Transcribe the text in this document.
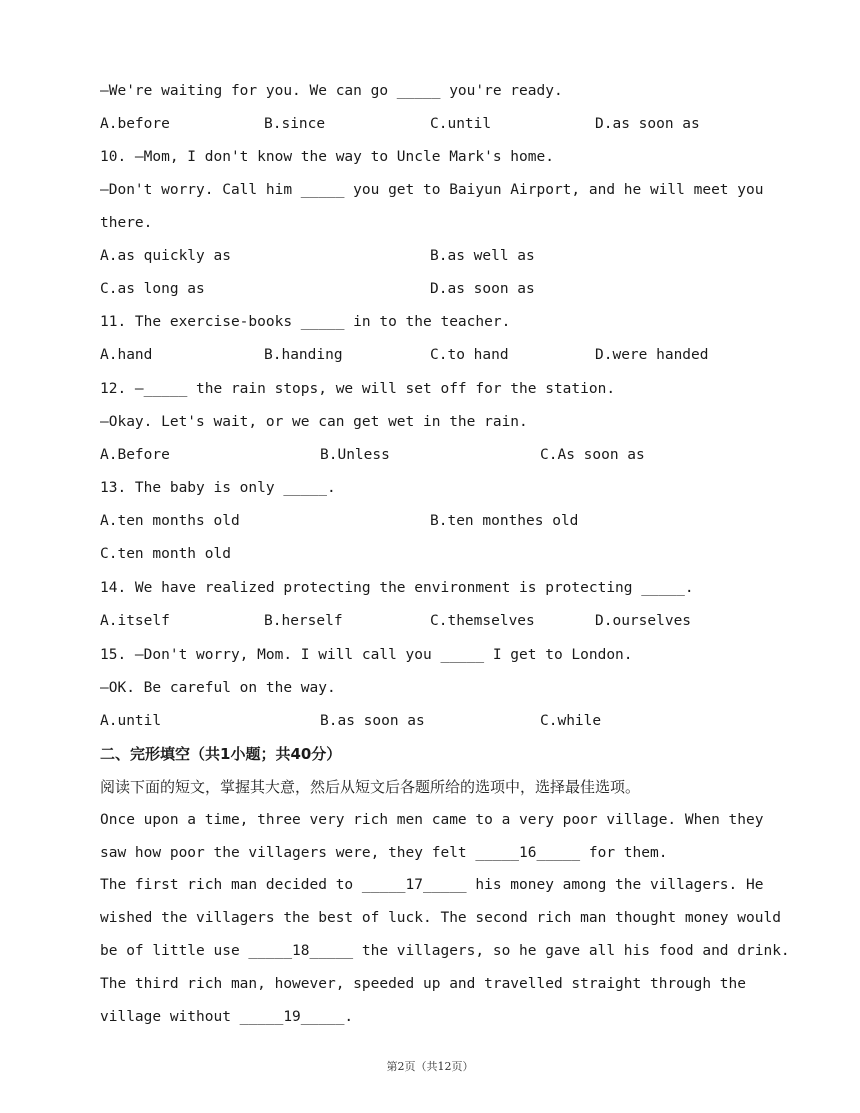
—We're waiting for you. We can go _____ you're ready.
A.before	B.since	C.until	D.as soon as
10. —Mom, I don't know the way to Uncle Mark's home.
—Don't worry. Call him _____ you get to Baiyun Airport, and he will meet you
there.
A.as quickly as	B.as well as
C.as long as	D.as soon as
11. The exercise-books _____ in to the teacher.
A.hand	B.handing	C.to hand	D.were handed
12. —_____ the rain stops, we will set off for the station.
—Okay. Let's wait, or we can get wet in the rain.
A.Before	B.Unless	C.As soon as
13. The baby is only _____.
A.ten months old	B.ten monthes old
C.ten month old
14. We have realized protecting the environment is protecting _____.
A.itself	B.herself	C.themselves	D.ourselves
15. —Don't worry, Mom. I will call you _____ I get to London.
—OK. Be careful on the way.
A.until	B.as soon as	C.while
二、完形填空（共1小题；共40分）
阅读下面的短文，掌握其大意，然后从短文后各题所给的选项中，选择最佳选项。
Once upon a time, three very rich men came to a very poor village. When they
saw how poor the villagers were, they felt _____16_____ for them.
The first rich man decided to _____17_____ his money among the villagers. He
wished the villagers the best of luck. The second rich man thought money would
be of little use _____18_____ the villagers, so he gave all his food and drink.
The third rich man, however, speeded up and travelled straight through the
village without _____19_____.
第2页（共12页）
